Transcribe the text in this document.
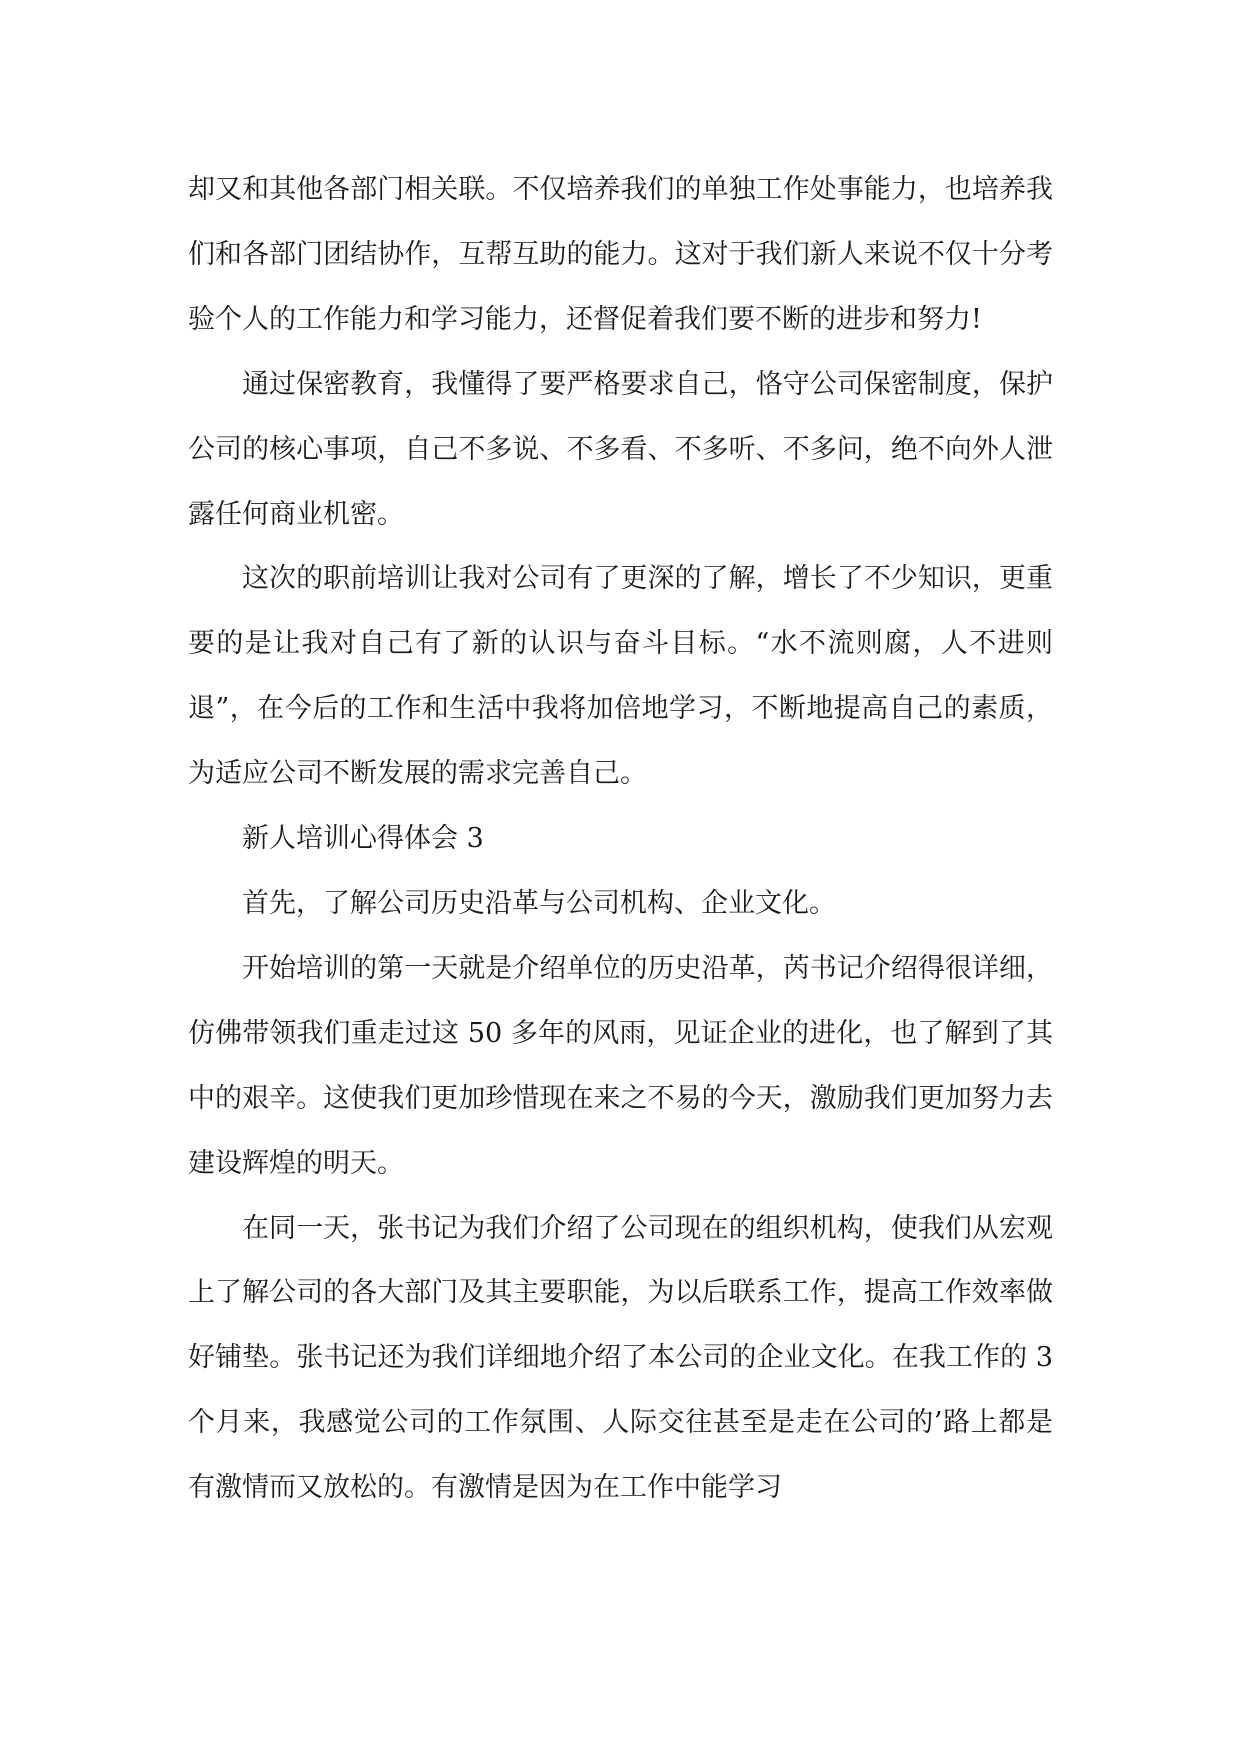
却又和其他各部门相关联。不仅培养我们的单独工作处事能力，也培养我们和各部门团结协作，互帮互助的能力。这对于我们新人来说不仅十分考验个人的工作能力和学习能力，还督促着我们要不断的进步和努力!

通过保密教育，我懂得了要严格要求自己，恪守公司保密制度，保护公司的核心事项，自己不多说、不多看、不多听、不多问，绝不向外人泄露任何商业机密。

这次的职前培训让我对公司有了更深的了解，增长了不少知识，更重要的是让我对自己有了新的认识与奋斗目标。“水不流则腐，人不进则退”，在今后的工作和生活中我将加倍地学习，不断地提高自己的素质，为适应公司不断发展的需求完善自己。

新人培训心得体会 3

首先，了解公司历史沿革与公司机构、企业文化。

开始培训的第一天就是介绍单位的历史沿革，芮书记介绍得很详细，仿佛带领我们重走过这 50 多年的风雨，见证企业的进化，也了解到了其中的艰辛。这使我们更加珍惜现在来之不易的今天，激励我们更加努力去建设辉煌的明天。

在同一天，张书记为我们介绍了公司现在的组织机构，使我们从宏观上了解公司的各大部门及其主要职能，为以后联系工作，提高工作效率做好铺垫。张书记还为我们详细地介绍了本公司的企业文化。在我工作的 3 个月来，我感觉公司的工作氛围、人际交往甚至是走在公司的’路上都是有激情而又放松的。有激情是因为在工作中能学习
